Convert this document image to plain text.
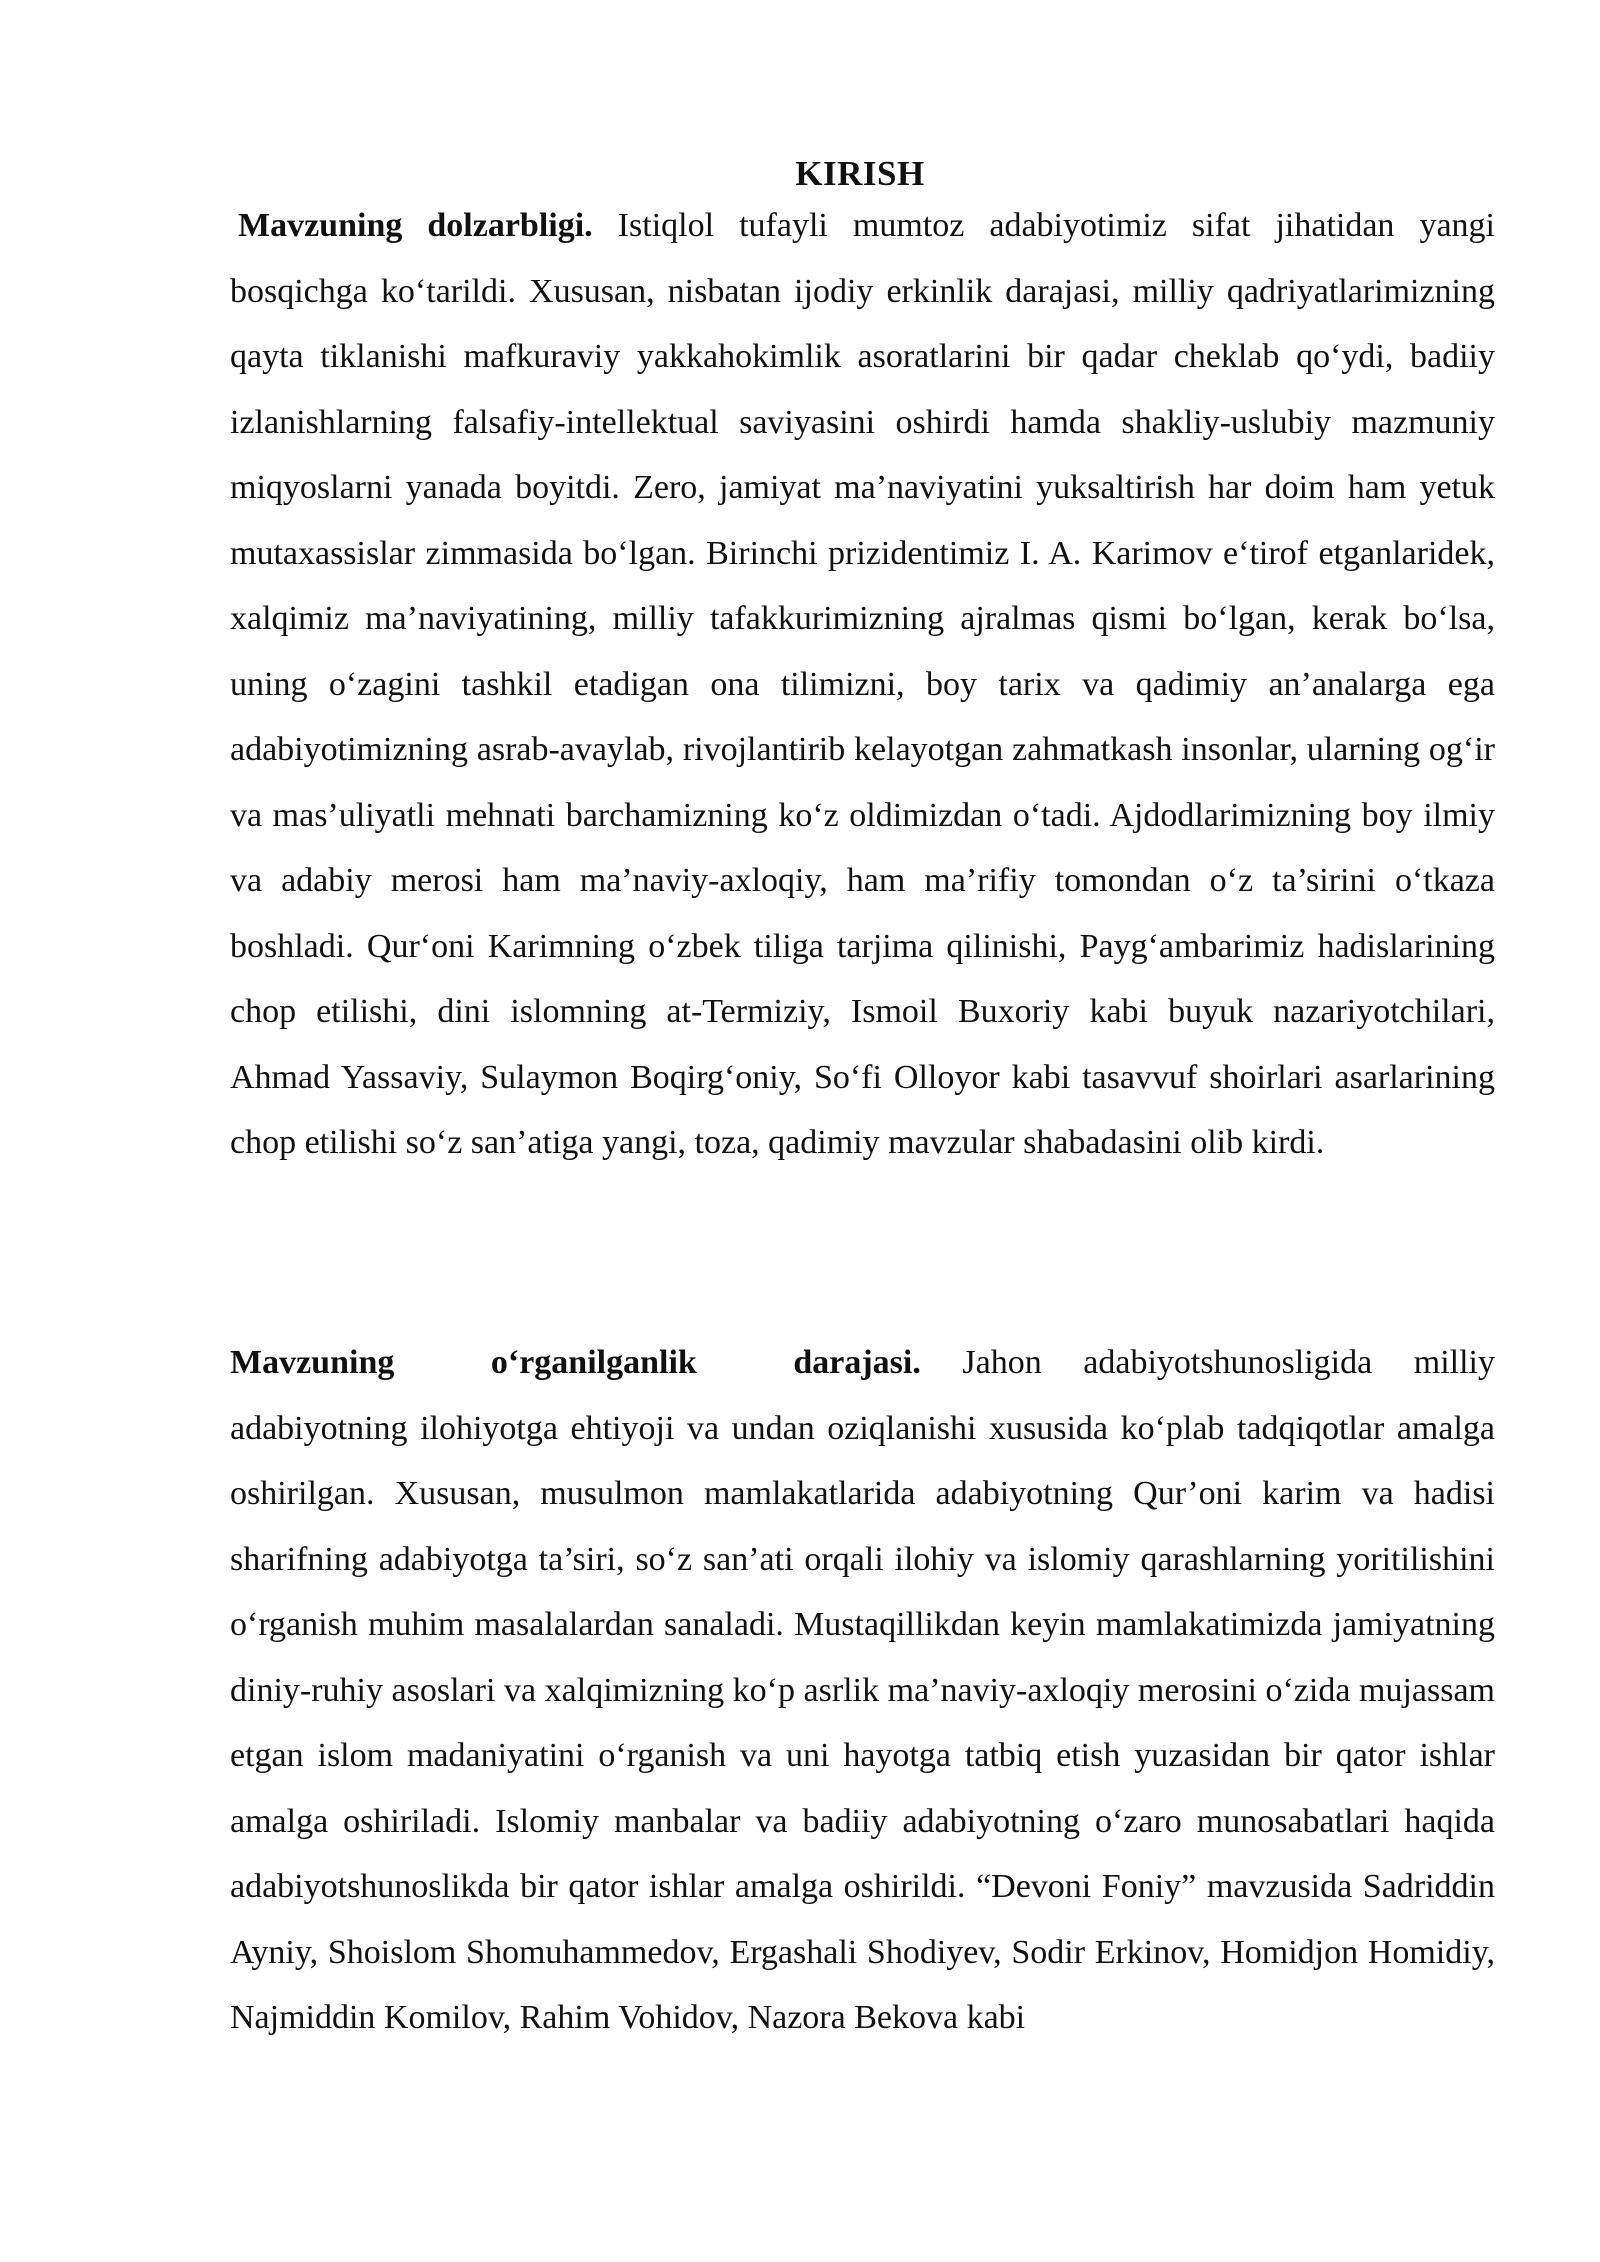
KIRISH

Mavzuning dolzarbligi. Istiqlol tufayli mumtoz adabiyotimiz sifat jihatidan yangi bosqichga ko‘tarildi. Xususan, nisbatan ijodiy erkinlik darajasi, milliy qadriyatlarimizning qayta tiklanishi mafkuraviy yakkahokimlik asoratlarini bir qadar cheklab qo‘ydi, badiiy izlanishlarning falsafiy-intellektual saviyasini oshirdi hamda shakliy-uslubiy mazmuniy miqyoslarni yanada boyitdi. Zero, jamiyat ma’naviyatini yuksaltirish har doim ham yetuk mutaxassislar zimmasida bo‘lgan. Birinchi prizidentimiz I. A. Karimov e‘tirof etganlaridek, xalqimiz ma’naviyatining, milliy tafakkurimizning ajralmas qismi bo‘lgan, kerak bo‘lsa, uning o‘zagini tashkil etadigan ona tilimizni, boy tarix va qadimiy an’analarga ega adabiyotimizning asrab-avaylab, rivojlantirib kelayotgan zahmatkash insonlar, ularning og‘ir va mas’uliyatli mehnati barchamizning ko‘z oldimizdan o‘tadi. Ajdodlarimizning boy ilmiy va adabiy merosi ham ma’naviy-axloqiy, ham ma’rifiy tomondan o‘z ta’sirini o‘tkaza boshladi. Qur‘oni Karimning o‘zbek tiliga tarjima qilinishi, Payg‘ambarimiz hadislarining chop etilishi, dini islomning at-Termiziy, Ismoil Buxoriy kabi buyuk nazariyotchilari, Ahmad Yassaviy, Sulaymon Boqirg‘oniy, So‘fi Olloyor kabi tasavvuf shoirlari asarlarining chop etilishi so‘z san’atiga yangi, toza, qadimiy mavzular shabadasini olib kirdi.

Mavzuning o‘rganilganlik darajasi. Jahon adabiyotshunosligida milliy adabiyotning ilohiyotga ehtiyoji va undan oziqlanishi xususida ko‘plab tadqiqotlar amalga oshirilgan. Xususan, musulmon mamlakatlarida adabiyotning Qur’oni karim va hadisi sharifning adabiyotga ta’siri, so‘z san’ati orqali ilohiy va islomiy qarashlarning yoritilishini o‘rganish muhim masalalardan sanaladi. Mustaqillikdan keyin mamlakatimizda jamiyatning diniy-ruhiy asoslari va xalqimizning ko‘p asrlik ma’naviy-axloqiy merosini o‘zida mujassam etgan islom madaniyatini o‘rganish va uni hayotga tatbiq etish yuzasidan bir qator ishlar amalga oshiriladi. Islomiy manbalar va badiiy adabiyotning o‘zaro munosabatlari haqida adabiyotshunoslikda bir qator ishlar amalga oshirildi. “Devoni Foniy” mavzusida Sadriddin Ayniy, Shoislom Shomuhammedov, Ergashali Shodiyev, Sodir Erkinov, Homidjon Homidiy, Najmiddin Komilov, Rahim Vohidov, Nazora Bekova kabi
